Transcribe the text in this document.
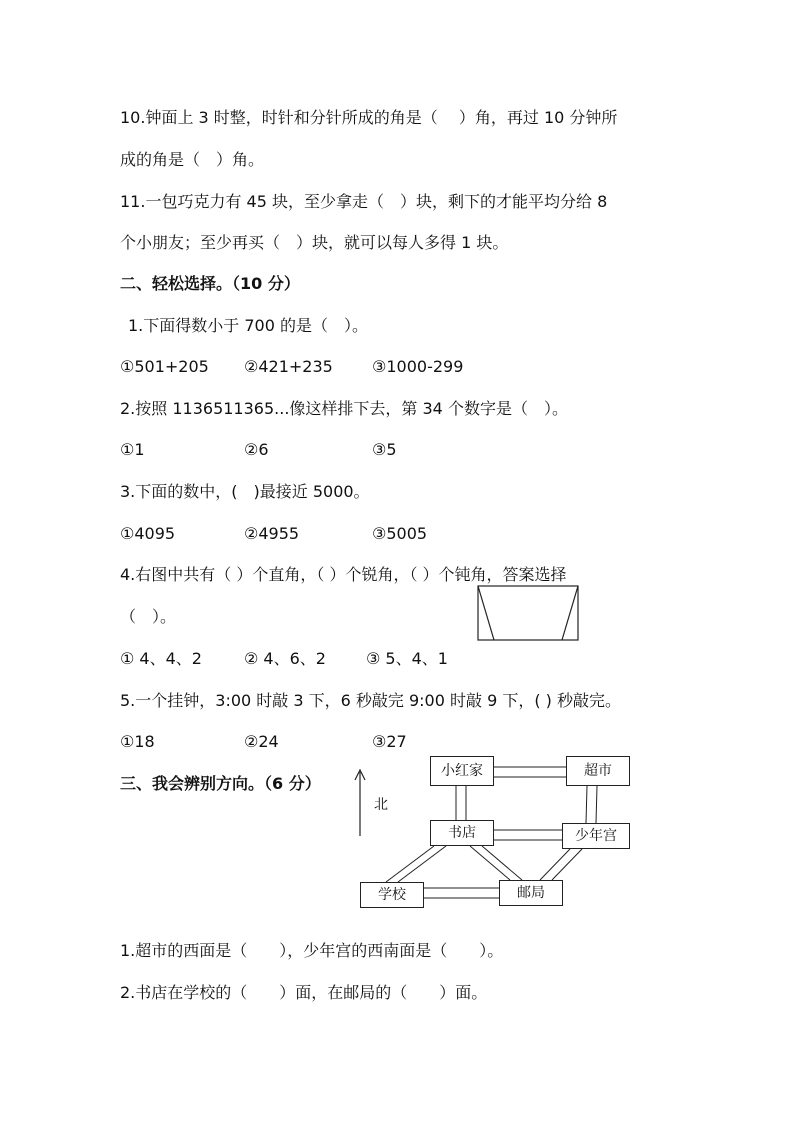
10.钟面上 3 时整，时针和分针所成的角是（　 ）角，再过 10 分钟所
成的角是（　）角。
11.一包巧克力有 45 块，至少拿走（　）块，剩下的才能平均分给 8
个小朋友；至少再买（　）块，就可以每人多得 1 块。
二、轻松选择。（10 分）
1.下面得数小于 700 的是（　）。
①501+205 ②421+235 ③1000-299
2.按照 1136511365...像这样排下去，第 34 个数字是（　）。
①1	②6	③5
3.下面的数中，(　)最接近 5000。
①4095	②4955	③5005
4.右图中共有（ ）个直角，（ ）个锐角，（ ）个钝角，答案选择
（　）。
① 4、4、2	② 4、6、2	③ 5、4、1
5.一个挂钟，3:00 时敲 3 下，6 秒敲完 9:00 时敲 9 下，( ) 秒敲完。
①18	②24	③27
三、我会辨别方向。（6 分）
北
小红家	超市
书店	少年宫
学校	邮局
1.超市的西面是（　　），少年宫的西南面是（　　）。
2.书店在学校的（　　）面，在邮局的（　　）面。
